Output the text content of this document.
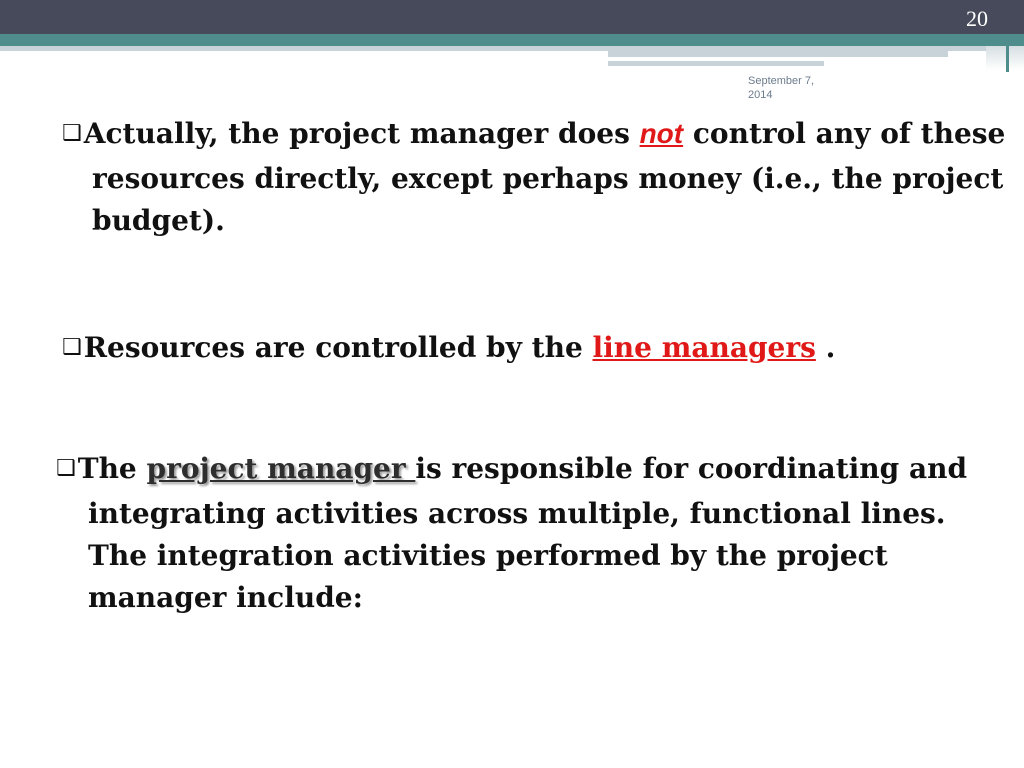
20
September 7, 2014

❑Actually, the project manager does not control any of these resources directly, except perhaps money (i.e., the project budget).

❑Resources are controlled by the line managers .

❑The project manager is responsible for coordinating and integrating activities across multiple, functional lines. The integration activities performed by the project manager include:
